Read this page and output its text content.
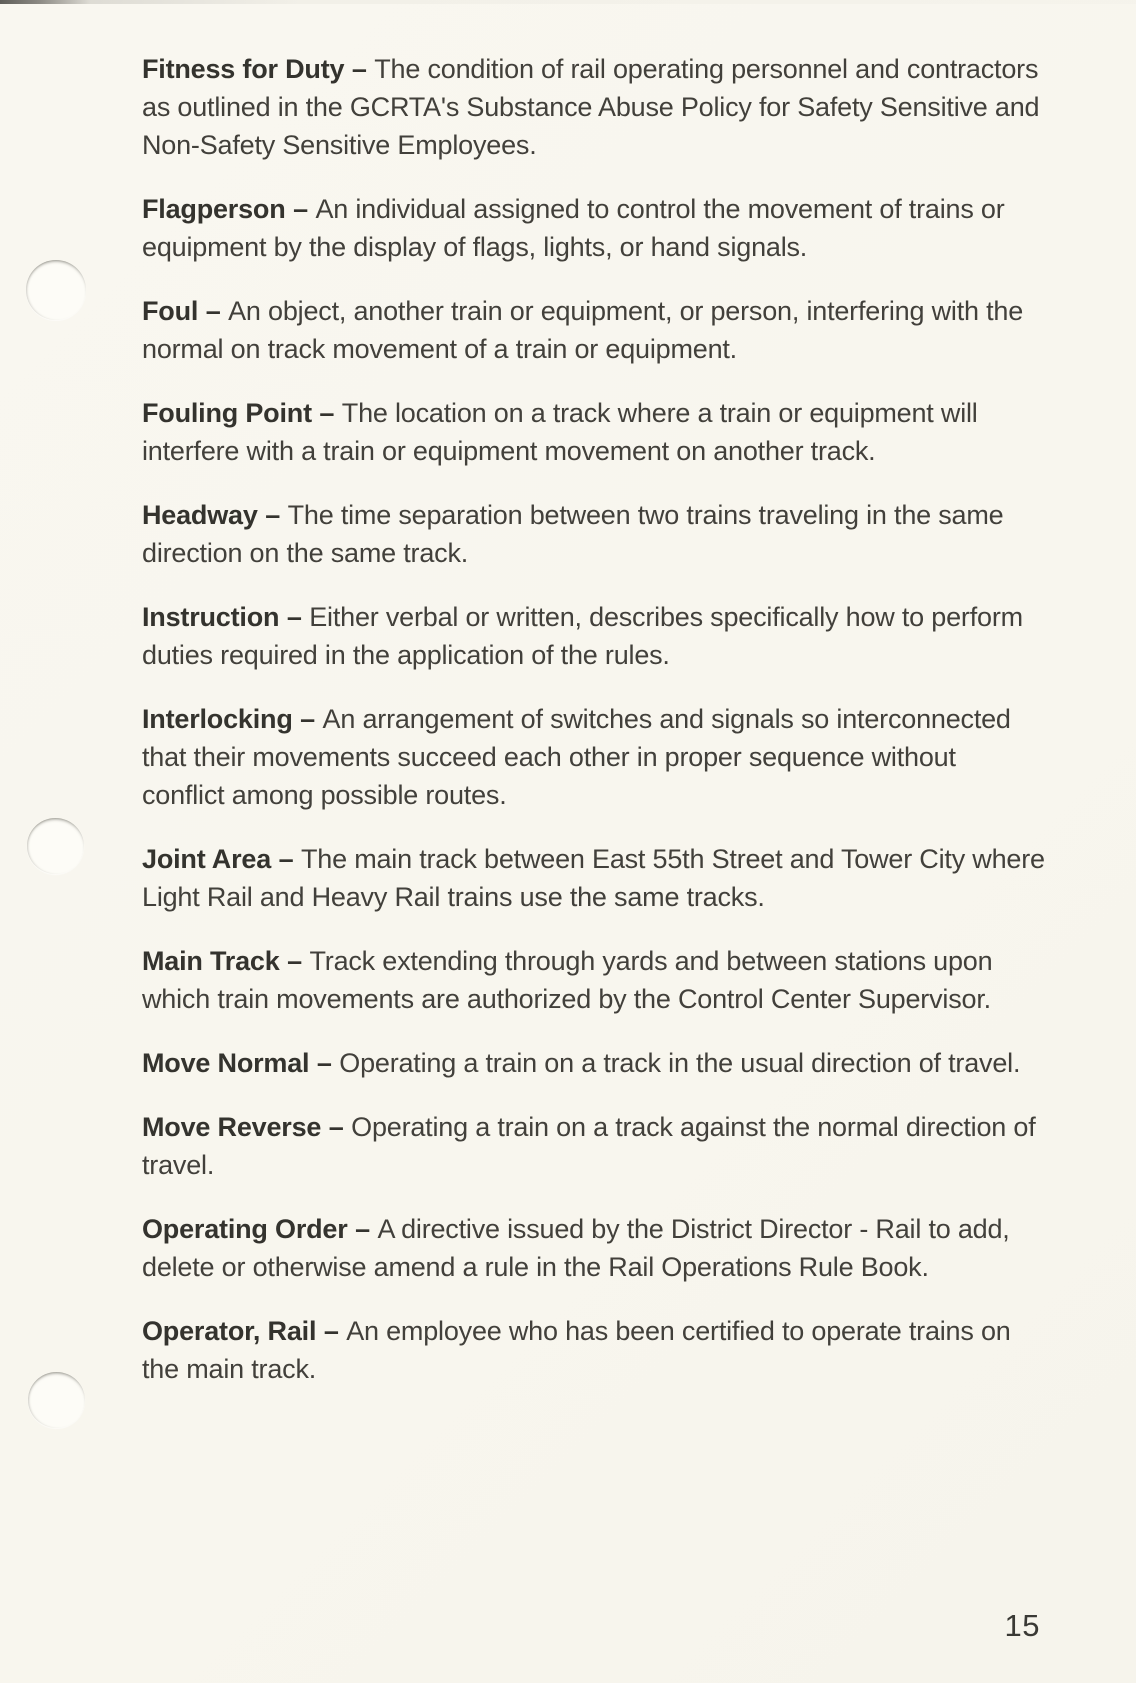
Fitness for Duty – The condition of rail operating personnel and contractors as outlined in the GCRTA's Substance Abuse Policy for Safety Sensitive and Non-Safety Sensitive Employees.

Flagperson – An individual assigned to control the movement of trains or equipment by the display of flags, lights, or hand signals.

Foul – An object, another train or equipment, or person, interfering with the normal on track movement of a train or equipment.

Fouling Point – The location on a track where a train or equipment will interfere with a train or equipment movement on another track.

Headway – The time separation between two trains traveling in the same direction on the same track.

Instruction – Either verbal or written, describes specifically how to perform duties required in the application of the rules.

Interlocking – An arrangement of switches and signals so interconnected that their movements succeed each other in proper sequence without conflict among possible routes.

Joint Area – The main track between East 55th Street and Tower City where Light Rail and Heavy Rail trains use the same tracks.

Main Track – Track extending through yards and between stations upon which train movements are authorized by the Control Center Supervisor.

Move Normal – Operating a train on a track in the usual direction of travel.

Move Reverse – Operating a train on a track against the normal direction of travel.

Operating Order – A directive issued by the District Director - Rail to add, delete or otherwise amend a rule in the Rail Operations Rule Book.

Operator, Rail – An employee who has been certified to operate trains on the main track.

15
